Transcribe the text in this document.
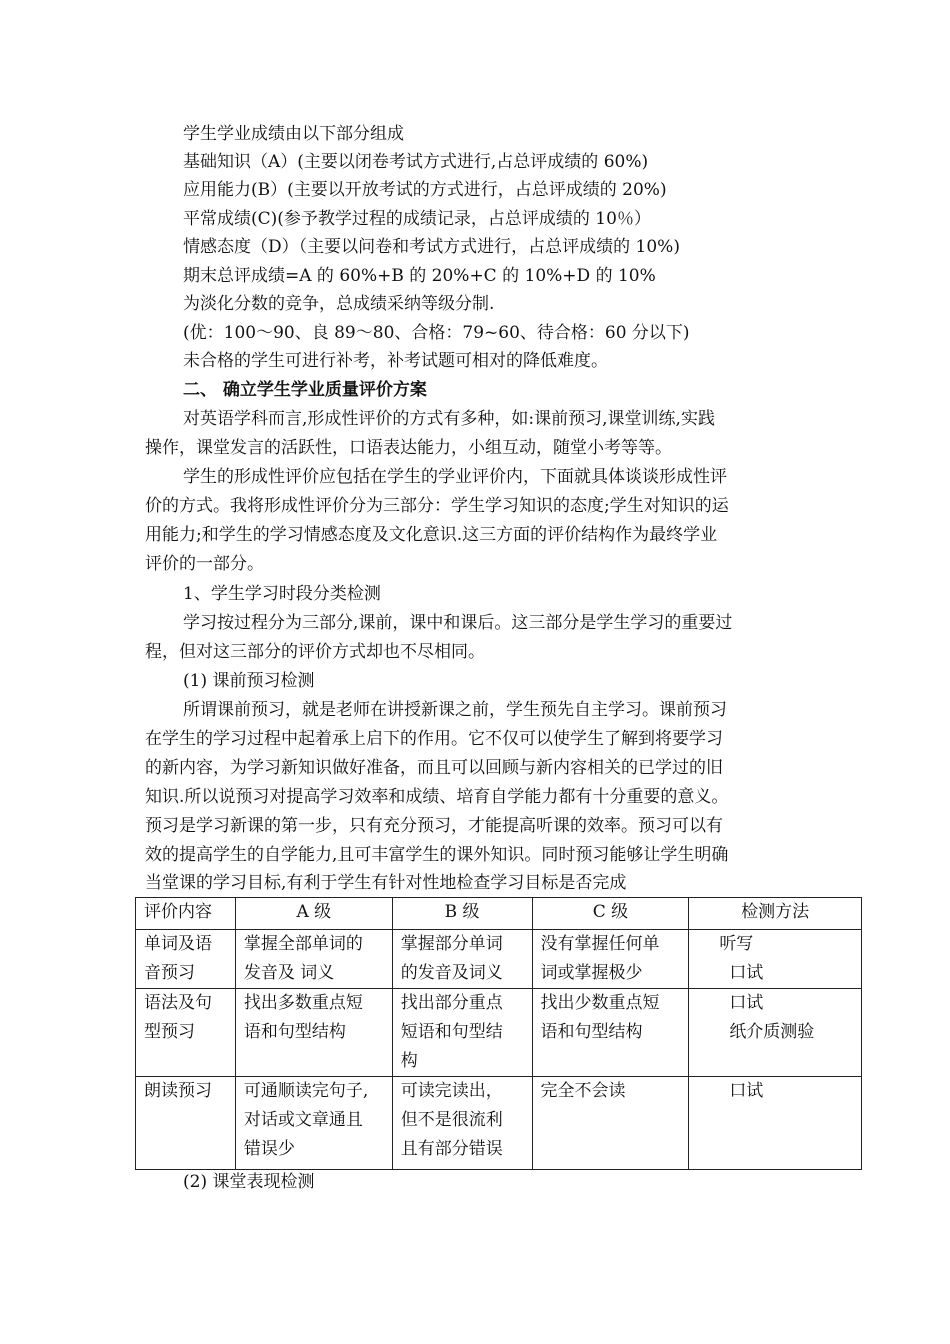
学生学业成绩由以下部分组成
基础知识（A）(主要以闭卷考试方式进行,占总评成绩的 60%)
应用能力(B）(主要以开放考试的方式进行，占总评成绩的 20%)
平常成绩(C)(参予教学过程的成绩记录，占总评成绩的 10％）
情感态度（D）（主要以问卷和考试方式进行，占总评成绩的 10%)
期末总评成绩=A 的 60%+B 的 20%+C 的 10%+D 的 10%
为淡化分数的竞争，总成绩采纳等级分制.
(优：100～90、良 89～80、合格：79~60、待合格：60 分以下)
未合格的学生可进行补考，补考试题可相对的降低难度。
二、 确立学生学业质量评价方案
对英语学科而言,形成性评价的方式有多种，如:课前预习,课堂训练,实践
操作，课堂发言的活跃性，口语表达能力，小组互动，随堂小考等等。
学生的形成性评价应包括在学生的学业评价内，下面就具体谈谈形成性评
价的方式。我将形成性评价分为三部分：学生学习知识的态度;学生对知识的运
用能力;和学生的学习情感态度及文化意识.这三方面的评价结构作为最终学业
评价的一部分。
1、学生学习时段分类检测
学习按过程分为三部分,课前，课中和课后。这三部分是学生学习的重要过
程，但对这三部分的评价方式却也不尽相同。
(1) 课前预习检测
所谓课前预习，就是老师在讲授新课之前，学生预先自主学习。课前预习
在学生的学习过程中起着承上启下的作用。它不仅可以使学生了解到将要学习
的新内容，为学习新知识做好准备，而且可以回顾与新内容相关的已学过的旧
知识.所以说预习对提高学习效率和成绩、培育自学能力都有十分重要的意义。
预习是学习新课的第一步，只有充分预习，才能提高听课的效率。预习可以有
效的提高学生的自学能力,且可丰富学生的课外知识。同时预习能够让学生明确
当堂课的学习目标,有利于学生有针对性地检查学习目标是否完成
评价内容	A 级	B 级	C 级	检测方法

单词及语
音预习	掌握全部单词的
发音及 词义	掌握部分单词
的发音及词义	没有掌握任何单
词或掌握极少	听写
口试

语法及句
型预习	找出多数重点短
语和句型结构	找出部分重点
短语和句型结
构	找出少数重点短
语和句型结构	口试
纸介质测验

朗读预习	可通顺读完句子,
对话或文章通且
错误少	可读完读出，
但不是很流利
且有部分错误	完全不会读	口试
(2) 课堂表现检测
